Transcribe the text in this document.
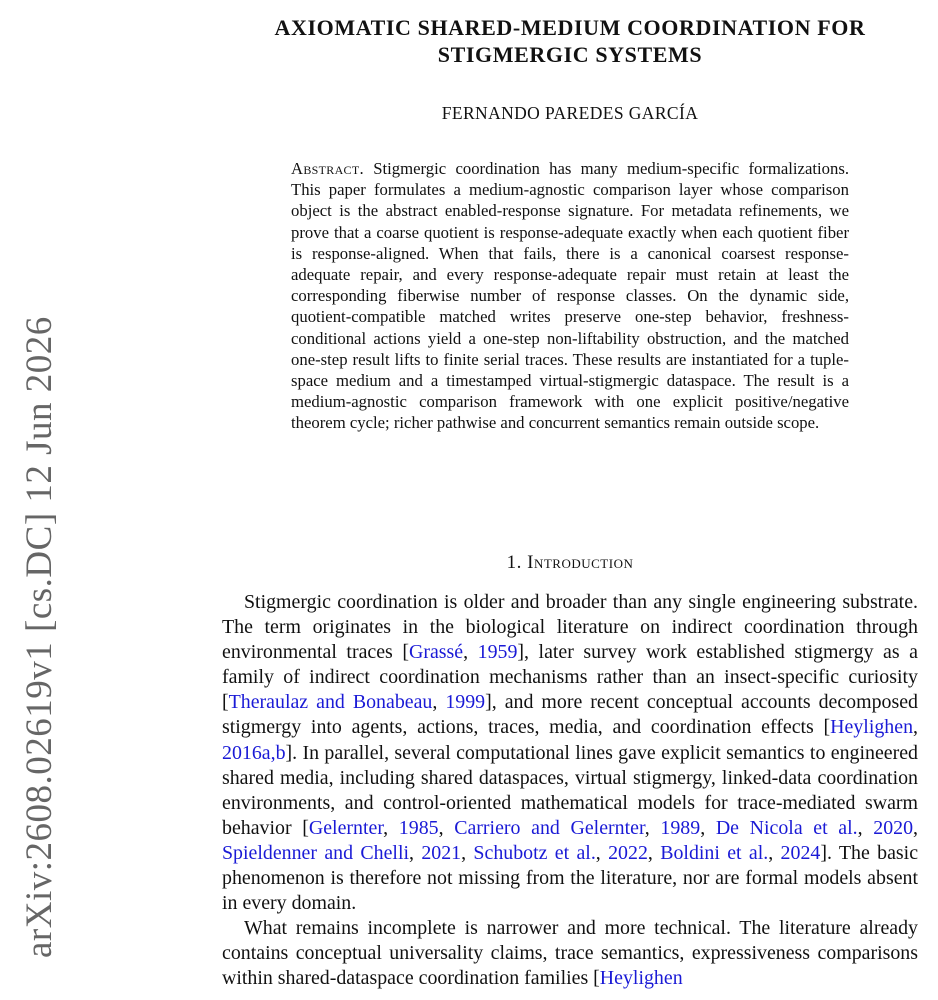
arXiv:2608.02619v1 [cs.DC] 12 Jun 2026
AXIOMATIC SHARED-MEDIUM COORDINATION FOR STIGMERGIC SYSTEMS
FERNANDO PAREDES GARCÍA
Abstract. Stigmergic coordination has many medium-specific formalizations. This paper formulates a medium-agnostic comparison layer whose comparison object is the abstract enabled-response signature. For metadata refinements, we prove that a coarse quotient is response-adequate exactly when each quotient fiber is response-aligned. When that fails, there is a canonical coarsest response-adequate repair, and every response-adequate repair must retain at least the corresponding fiberwise number of response classes. On the dynamic side, quotient-compatible matched writes preserve one-step behavior, freshness-conditional actions yield a one-step non-liftability obstruction, and the matched one-step result lifts to finite serial traces. These results are instantiated for a tuple-space medium and a timestamped virtual-stigmergic dataspace. The result is a medium-agnostic comparison framework with one explicit positive/negative theorem cycle; richer pathwise and concurrent semantics remain outside scope.
1. Introduction

Stigmergic coordination is older and broader than any single engineering substrate. The term originates in the biological literature on indirect coordination through environmental traces [Grassé, 1959], later survey work established stigmergy as a family of indirect coordination mechanisms rather than an insect-specific curiosity [Theraulaz and Bonabeau, 1999], and more recent conceptual accounts decomposed stigmergy into agents, actions, traces, media, and coordination effects [Heylighen, 2016a,b]. In parallel, several computational lines gave explicit semantics to engineered shared media, including shared dataspaces, virtual stigmergy, linked-data coordination environments, and control-oriented mathematical models for trace-mediated swarm behavior [Gelernter, 1985, Carriero and Gelernter, 1989, De Nicola et al., 2020, Spieldenner and Chelli, 2021, Schubotz et al., 2022, Boldini et al., 2024]. The basic phenomenon is therefore not missing from the literature, nor are formal models absent in every domain.

What remains incomplete is narrower and more technical. The literature already contains conceptual universality claims, trace semantics, expressiveness comparisons within shared-dataspace coordination families [Heylighen
